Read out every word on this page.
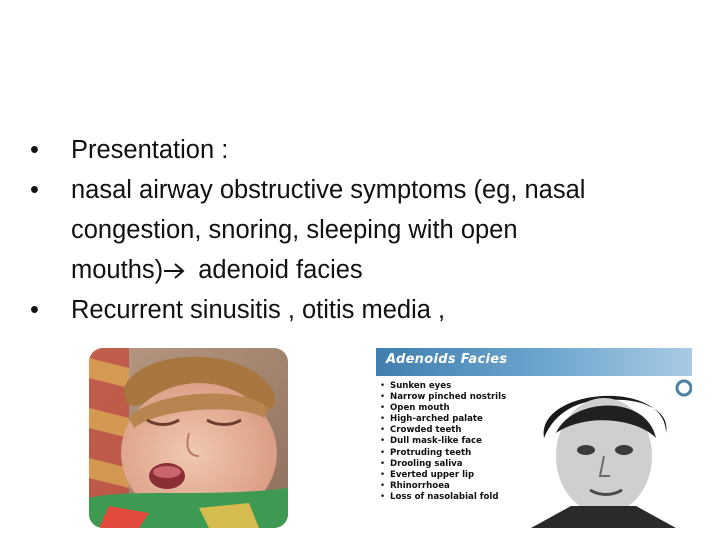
•	Presentation :
•	nasal airway obstructive symptoms (eg, nasal
congestion, snoring, sleeping with open
mouths) adenoid facies
•	Recurrent sinusitis , otitis media ,
Adenoids Facies
• Sunken eyes
• Narrow pinched nostrils
• Open mouth
• High-arched palate
• Crowded teeth
• Dull mask-like face
• Protruding teeth
• Drooling saliva
• Everted upper lip
• Rhinorrhoea
• Loss of nasolabial fold
